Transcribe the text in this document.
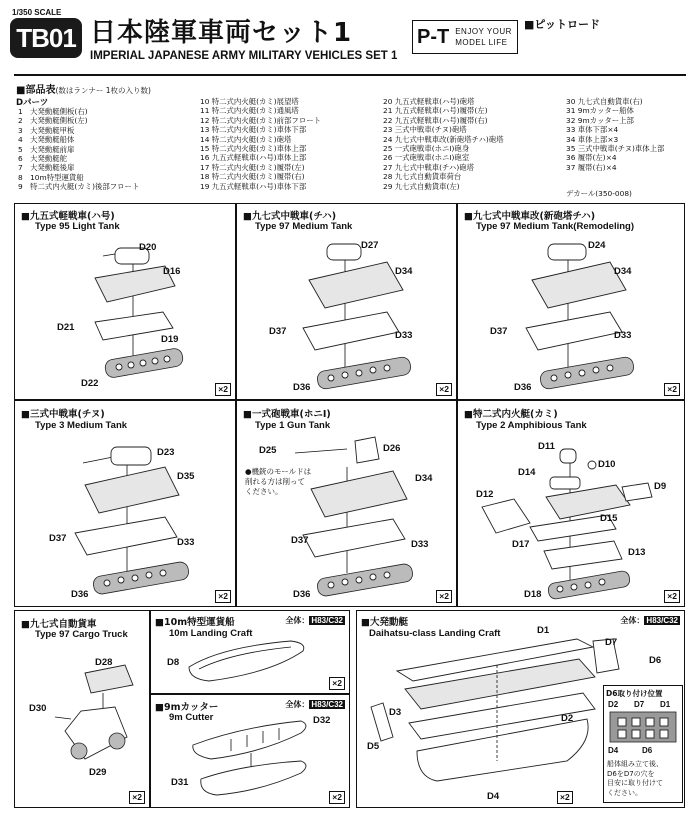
1/350 SCALE
TB01 日本陸軍車両セット1
IMPERIAL JAPANESE ARMY MILITARY VEHICLES SET 1
P-T ENJOY YOUR
MODEL LIFE
■ピットロード
■部品表(数はランナー 1枚の入り数)
Dパーツ
1　大発動艇側板(右)
2　大発動艇側板(左)
3　大発動艇甲板
4　大発動艇船体
5　大発動艇前扉
6　大発動艇舵
7　大発動艇後扉
8　10m特型運貨船
9　特二式内火艇(カミ)後部フロート
10 特二式内火艇(カミ)展望塔
11 特二式内火艇(カミ)通風塔
12 特二式内火艇(カミ)前部フロート
13 特二式内火艇(カミ)車体下部
14 特二式内火艇(カミ)砲塔
15 特二式内火艇(カミ)車体上部
16 九五式軽戦車(ハ号)車体上部
17 特二式内火艇(カミ)履帯(左)
18 特二式内火艇(カミ)履帯(右)
19 九五式軽戦車(ハ号)車体下部
20 九五式軽戦車(ハ号)砲塔
21 九五式軽戦車(ハ号)履帯(左)
22 九五式軽戦車(ハ号)履帯(右)
23 三式中戦車(チヌ)砲塔
24 九七式中戦車改(新砲塔チハ)砲塔
25 一式砲戦車(ホニI)砲身
26 一式砲戦車(ホニI)砲室
27 九七式中戦車(チハ)砲塔
28 九七式自動貨車荷台
29 九七式自動貨車(左)
30 九七式自動貨車(右)
31 9mカッター船体
32 9mカッター上部
33 車体下部×4
34 車体上部×3
35 三式中戦車(チヌ)車体上部
36 履帯(左)×4
37 履帯(右)×4
デカール(350-008)
■九五式軽戦車(ハ号)
Type 95 Light Tank
D20
D16
D21
D19
D22	×2
■九七式中戦車(チハ)
Type 97 Medium Tank
D27
D34
D37	D33
D36	×2
■九七式中戦車改(新砲塔チハ)
Type 97 Medium Tank(Remodeling)
D24
D34
D37	D33
D36	×2
■三式中戦車(チヌ)
Type 3 Medium Tank
D23
D35
D37	D33
D36	×2
■一式砲戦車(ホニI)
Type 1 Gun Tank
D25	D26
D34
D37	D33
D36
●機銃のモールドは
削れる方は削って
ください。
×2
■特二式内火艇(カミ)
Type 2 Amphibious Tank
D11
D10
D14
D9
D12
D15
D17
D13
D18	×2
■九七式自動貨車
Type 97 Cargo Truck
D28
D30
D29
×2
■10m特型運貨船
10m Landing Craft
全体： H83/C32
D8
×2
■9mカッター
9m Cutter
全体： H83/C32
D32
D31
×2
■大発動艇
Daihatsu-class Landing Craft
全体： H83/C32
D1
D7
D6
D3
D2
D5
D4
D6取り付け位置
D2 D7 D1
D4	D6
船体組み立て後、
D6をD7の穴を
目安に取り付けて
ください。
×2
